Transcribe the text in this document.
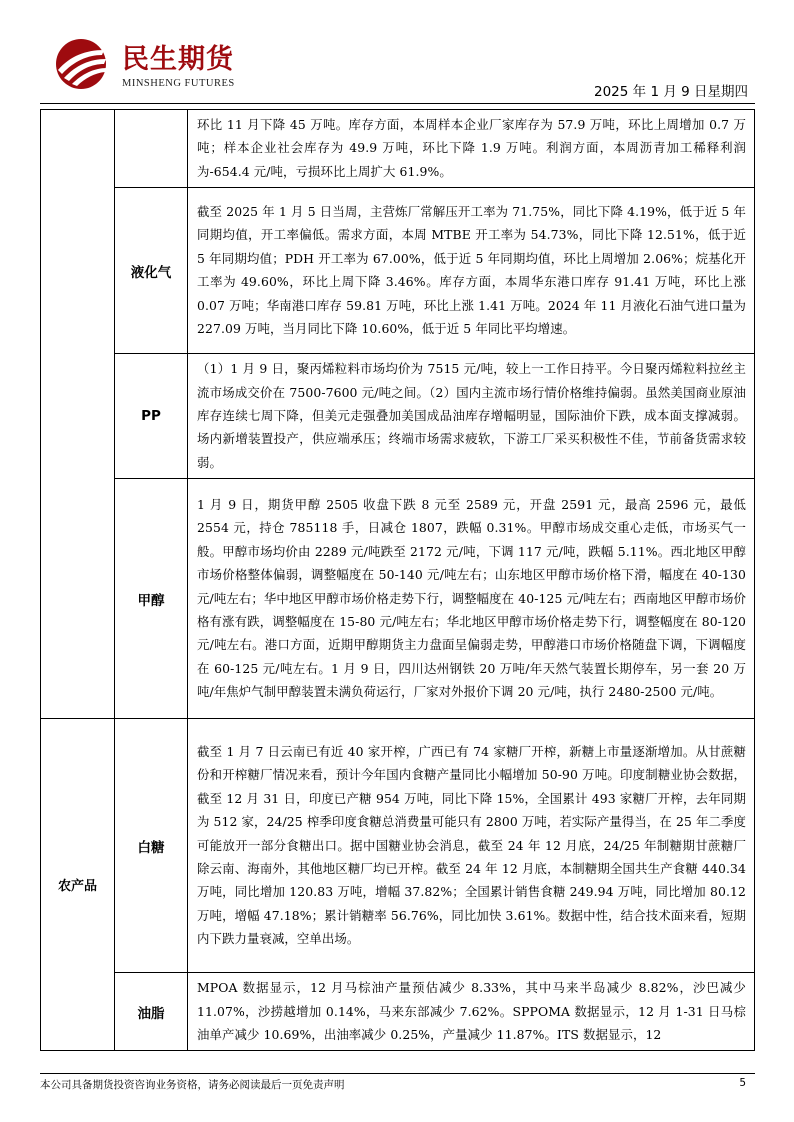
民生期货
MINSHENG FUTURES
2025 年 1 月 9 日星期四
		环比 11 月下降 45 万吨。库存方面，本周样本企业厂家库存为 57.9 万吨，环比上周增加 0.7 万吨；样本企业社会库存为 49.9 万吨，环比下降 1.9 万吨。利润方面，本周沥青加工稀释利润为-654.4 元/吨，亏损环比上周扩大 61.9%。
	液化气	截至 2025 年 1 月 5 日当周，主营炼厂常解压开工率为 71.75%，同比下降 4.19%，低于近 5 年同期均值，开工率偏低。需求方面，本周 MTBE 开工率为 54.73%，同比下降 12.51%，低于近 5 年同期均值；PDH 开工率为 67.00%，低于近 5 年同期均值，环比上周增加 2.06%；烷基化开工率为 49.60%，环比上周下降 3.46%。库存方面，本周华东港口库存 91.41 万吨，环比上涨 0.07 万吨；华南港口库存 59.81 万吨，环比上涨 1.41 万吨。2024 年 11 月液化石油气进口量为 227.09 万吨，当月同比下降 10.60%，低于近 5 年同比平均增速。
	PP	（1）1 月 9 日，聚丙烯粒料市场均价为 7515 元/吨，较上一工作日持平。今日聚丙烯粒料拉丝主流市场成交价在 7500-7600 元/吨之间。（2）国内主流市场行情价格维持偏弱。虽然美国商业原油库存连续七周下降，但美元走强叠加美国成品油库存增幅明显，国际油价下跌，成本面支撑减弱。场内新增装置投产，供应端承压；终端市场需求疲软，下游工厂采买积极性不佳，节前备货需求较弱。
	甲醇	1 月 9 日，期货甲醇 2505 收盘下跌 8 元至 2589 元，开盘 2591 元，最高 2596 元，最低 2554 元，持仓 785118 手，日减仓 1807，跌幅 0.31%。甲醇市场成交重心走低，市场买气一般。甲醇市场均价由 2289 元/吨跌至 2172 元/吨，下调 117 元/吨，跌幅 5.11%。西北地区甲醇市场价格整体偏弱，调整幅度在 50-140 元/吨左右；山东地区甲醇市场价格下滑，幅度在 40-130 元/吨左右；华中地区甲醇市场价格走势下行，调整幅度在 40-125 元/吨左右；西南地区甲醇市场价格有涨有跌，调整幅度在 15-80 元/吨左右；华北地区甲醇市场价格走势下行，调整幅度在 80-120 元/吨左右。港口方面，近期甲醇期货主力盘面呈偏弱走势，甲醇港口市场价格随盘下调，下调幅度在 60-125 元/吨左右。1 月 9 日，四川达州钢铁 20 万吨/年天然气装置长期停车，另一套 20 万吨/年焦炉气制甲醇装置未满负荷运行，厂家对外报价下调 20 元/吨，执行 2480-2500 元/吨。
农产品	白糖	截至 1 月 7 日云南已有近 40 家开榨，广西已有 74 家糖厂开榨，新糖上市量逐渐增加。从甘蔗糖份和开榨糖厂情况来看，预计今年国内食糖产量同比小幅增加 50-90 万吨。印度制糖业协会数据，截至 12 月 31 日，印度已产糖 954 万吨，同比下降 15%，全国累计 493 家糖厂开榨，去年同期为 512 家，24/25 榨季印度食糖总消费量可能只有 2800 万吨，若实际产量得当，在 25 年二季度可能放开一部分食糖出口。据中国糖业协会消息，截至 24 年 12 月底，24/25 年制糖期甘蔗糖厂除云南、海南外，其他地区糖厂均已开榨。截至 24 年 12 月底，本制糖期全国共生产食糖 440.34 万吨，同比增加 120.83 万吨，增幅 37.82%；全国累计销售食糖 249.94 万吨，同比增加 80.12 万吨，增幅 47.18%；累计销糖率 56.76%，同比加快 3.61%。数据中性，结合技术面来看，短期内下跌力量衰减，空单出场。
	油脂	MPOA 数据显示，12 月马棕油产量预估减少 8.33%，其中马来半岛减少 8.82%，沙巴减少 11.07%，沙捞越增加 0.14%，马来东部减少 7.62%。SPPOMA 数据显示，12 月 1-31 日马棕油单产减少 10.69%，出油率减少 0.25%，产量减少 11.87%。ITS 数据显示，12
本公司具备期货投资咨询业务资格，请务必阅读最后一页免责声明	5
